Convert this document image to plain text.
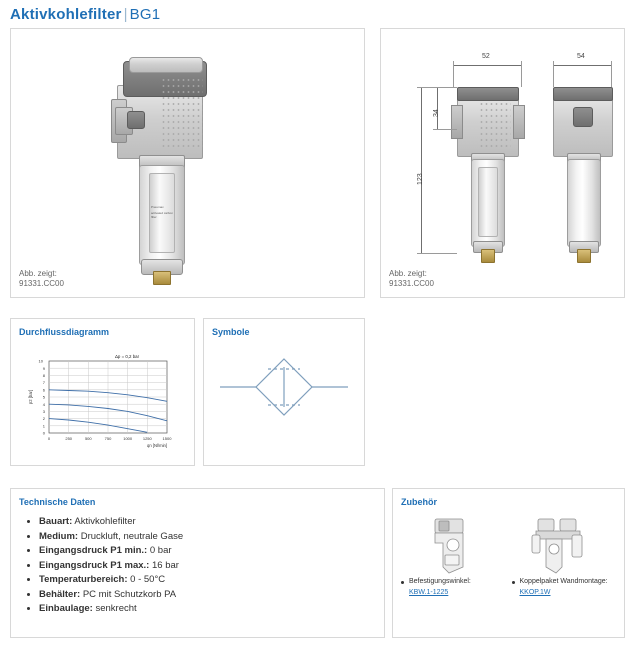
Aktivkohlefilter | BG1
Pneumax
activated carbon filter
Abb. zeigt:
91331.CC00
52	54
34
123
Abb. zeigt:
91331.CC00
Durchflussdiagramm
10
9
8
7
6
5
4
3
2
1
0
0	250	500	750	1000	1250	1500
qn [Nl/min]
p2 [bar]
Δp = 0,2 bar
Symbole
Technische Daten
• Bauart: Aktivkohlefilter
• Medium: Druckluft, neutrale Gase
• Eingangsdruck P1 min.: 0 bar
• Eingangsdruck P1 max.: 16 bar
• Temperaturbereich: 0 - 50°C
• Behälter: PC mit Schutzkorb PA
• Einbaulage: senkrecht
Zubehör
Befestigungswinkel:
KBW.1-1225
Koppelpaket Wandmontage:
KKOP.1W
